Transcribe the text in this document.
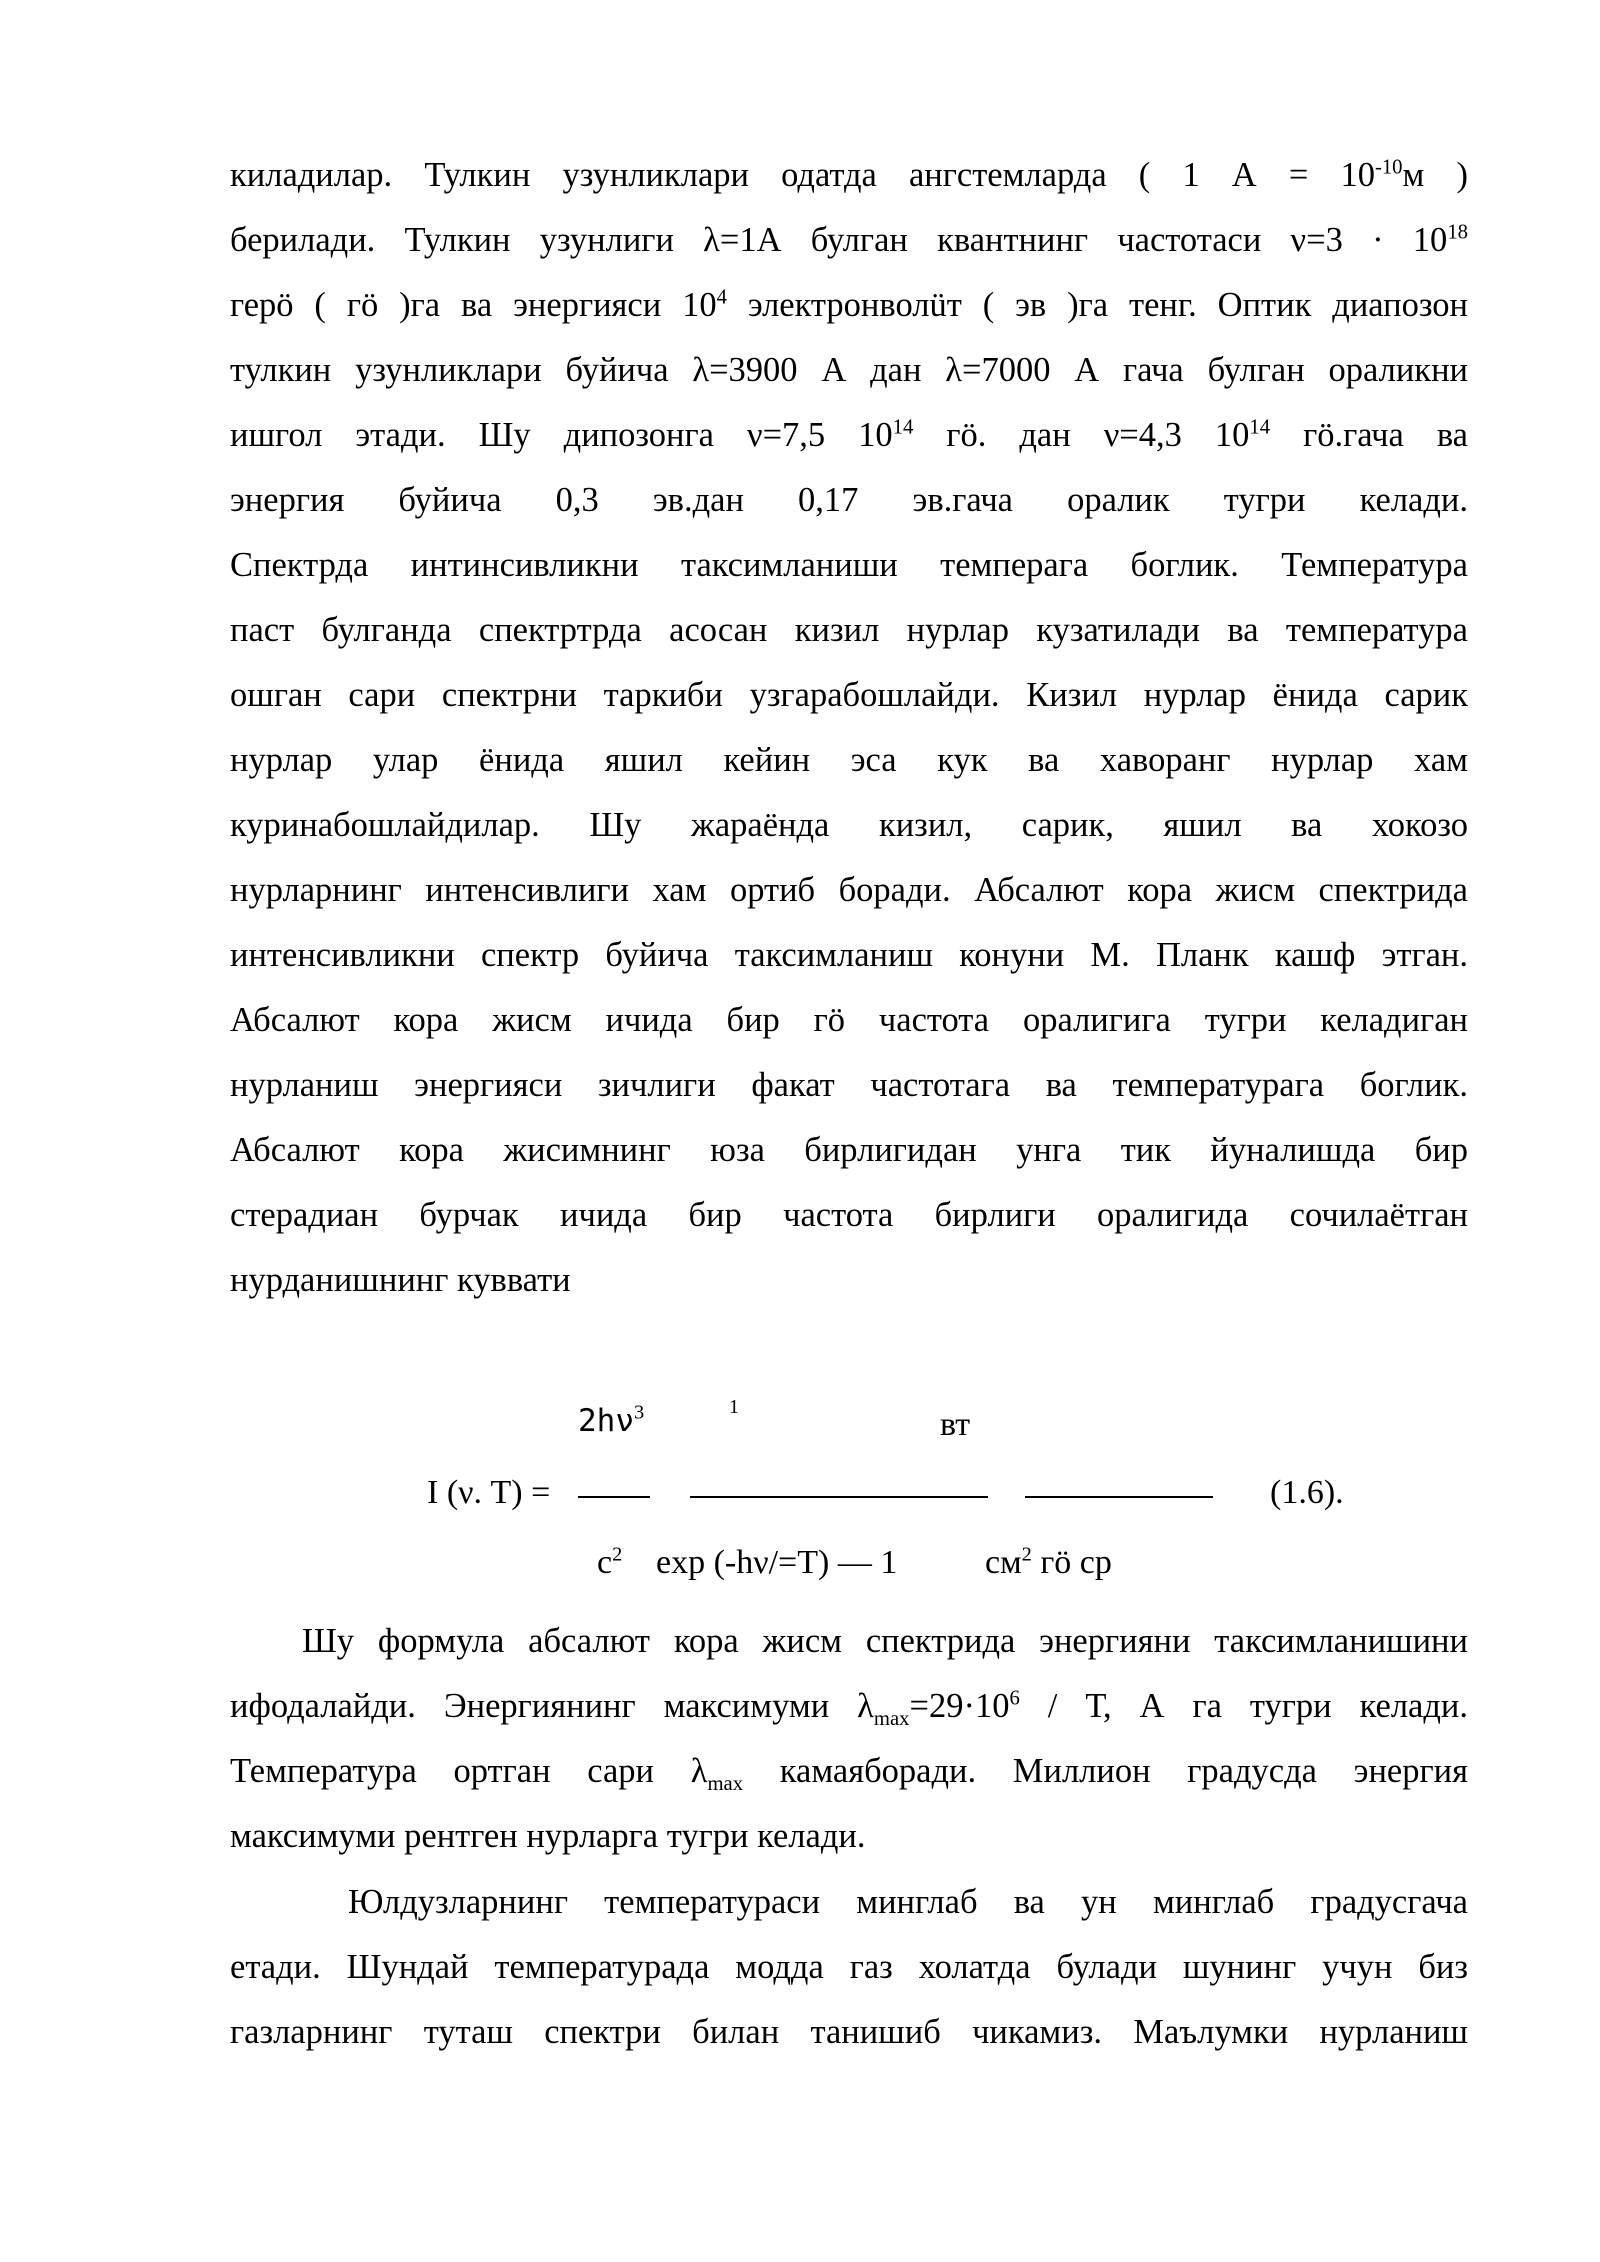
киладилар. Тулкин узунликлари одатда ангстемларда ( 1 $А = 10^{-10}м$ )
берилади. Тулкин узунлиги λ=1А булган квантнинг частотаси $\nu=3 \cdot 10^{18}$
герö ( гö )га ва энергияси $10^4$ электронволüт ( эв )га тенг. Оптик диапозон
тулкин узунликлари буйича λ=3900 А дан λ=7000 А гача булган ораликни
ишгол этади. Шу дипозонга ν=7,5 $10^{14}$ гö. дан ν=4,3 $10^{14}$ гö.гача ва
энергия буйича 0,3 эв.дан 0,17 эв.гача оралик тугри келади.
Спектрда интинсивликни таксимланиши темперага боглик. Температура
паст булганда спектртрда асосан кизил нурлар кузатилади ва температура
ошган сари спектрни таркиби узгарабошлайди. Кизил нурлар ёнида сарик
нурлар улар ёнида яшил кейин эса кук ва хаворанг нурлар хам
куринабошлайдилар. Шу жараёнда кизил, сарик, яшил ва хокозо
нурларнинг интенсивлиги хам ортиб боради. Абсалют кора жисм спектрида
интенсивликни спектр буйича таксимланиш конуни М. Планк кашф этган.
Абсалют кора жисм ичида бир гö частота оралигига тугри келадиган
нурланиш энергияси зичлиги факат частотага ва температурага боглик.
Абсалют кора жисимнинг юза бирлигидан унга тик йуналишда бир
стерадиан бурчак ичида бир частота бирлиги оралигида сочилаётган
нурданишнинг куввати
$2h\nu^3$	1	вт
I (ν. Т) =	(1.6).
$c^2$ exp (-hν/=T) — 1	$см^2$ гö ср
Шу формула абсалют кора жисм спектрида энергияни таксимланишини
ифодалайди. Энергиянинг максимуми $\lambda_{max}=29\cdot 10^6 / Т$, А га тугри келади.
Температура ортган сари $\lambda_{max}$ камаяборади. Миллион градусда энергия
максимуми рентген нурларга тугри келади.
Юлдузларнинг температураси минглаб ва ун минглаб градусгача
етади. Шундай температурада модда газ холатда булади шунинг учун биз
газларнинг туташ спектри билан танишиб чикамиз. Маълумки нурланиш
